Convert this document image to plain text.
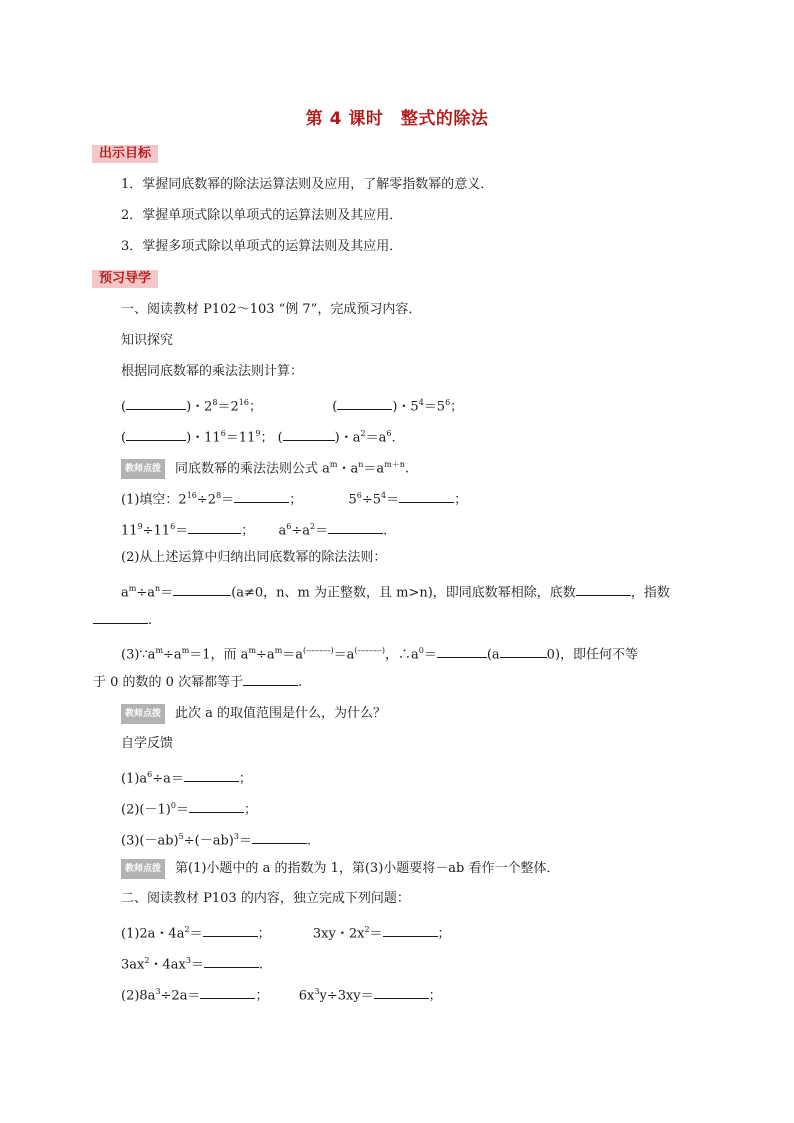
第 4 课时　整式的除法
出示目标
1．掌握同底数幂的除法运算法则及应用，了解零指数幂的意义．
2．掌握单项式除以单项式的运算法则及其应用．
3．掌握多项式除以单项式的运算法则及其应用．
预习导学
一、阅读教材 P102～103 “例 7”，完成预习内容．
知识探究
根据同底数幂的乘法法则计算：
(	)・$2^8=2^{16}$；	(	)・$5^4=5^6$；
(	)・$11^6=11^9$； (	)・$a^2=a^6$.
教师点拨 同底数幂的乘法法则公式 $a^m$・$a^n=a^{m+n}$.
(1)填空：$2^{16}\div 2^8=$	；	$5^6\div 5^4=$	；
$11^9\div 11^6=$	； $a^6\div a^2=$	.
(2)从上述运算中归纳出同底数幂的除法法则：
$a^m\div a^n=$	(a≠0，n、m 为正整数，且 m>n)，即同底数幂相除，底数	，指数
.
$(3)\because a^m\div a^m=1$，而 $a^m\div a^m=a^{(---------)}=a^{(---------)}$，$\therefore a^0=$	(a	0)，即任何不等
于 0 的数的 0 次幂都等于	.
教师点拨 此次 a 的取值范围是什么，为什么？
自学反馈
$(1)a^6\div a=$	；
$(2)(-1)^0=$	；
$(3)(-ab)^5\div(-ab)^3=$	.
教师点拨 第(1)小题中的 a 的指数为 1，第(3)小题要将－ab 看作一个整体．
二、阅读教材 P103 的内容，独立完成下列问题：
(1)2a・$4a^2=$	；	3xy・$2x^2=$	；
$3ax^2$・$4ax^3=$	.
$(2)8a^3\div 2a=$	； $6x^3y\div 3xy=$	；
